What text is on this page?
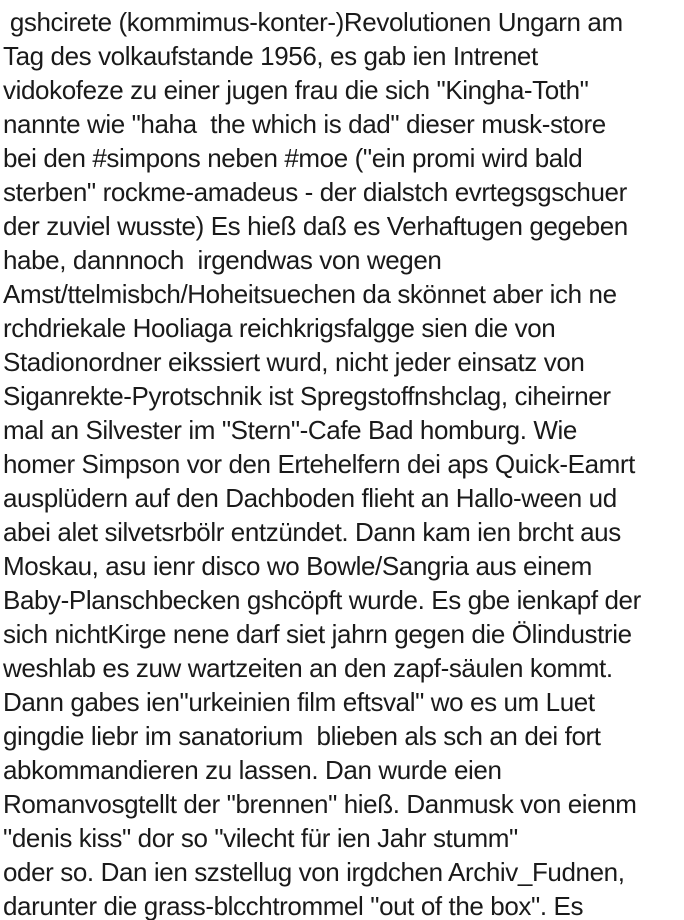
gshcirete (kommimus-konter-)Revolutionen Ungarn am
Tag des volkaufstande 1956, es gab ien Intrenet
vidokofeze zu einer jugen frau die sich "Kingha-Toth"
nannte wie "haha  the which is dad" dieser musk-store
bei den #simpons neben #moe ("ein promi wird bald
sterben" rockme-amadeus - der dialstch evrtegsgschuer
der zuviel wusste) Es hieß daß es Verhaftugen gegeben
habe, dannnoch  irgendwas von wegen
Amst/ttelmisbch/Hoheitsuechen da skönnet aber ich ne
rchdriekale Hooliaga reichkrigsfalgge sien die von
Stadionordner eikssiert wurd, nicht jeder einsatz von
Siganrekte-Pyrotschnik ist Spregstoffnshclag, ciheirner
mal an Silvester im "Stern"-Cafe Bad homburg. Wie
homer Simpson vor den Ertehelfern dei aps Quick-Eamrt
ausplüdern auf den Dachboden flieht an Hallo-ween ud
abei alet silvetsrbölr entzündet. Dann kam ien brcht aus
Moskau, asu ienr disco wo Bowle/Sangria aus einem
Baby-Planschbecken gshcöpft wurde. Es gbe ienkapf der
sich nichtKirge nene darf siet jahrn gegen die Ölindustrie
weshlab es zuw wartzeiten an den zapf-säulen kommt.
Dann gabes ien"urkeinien film eftsval" wo es um Luet
gingdie liebr im sanatorium  blieben als sch an dei fort
abkommandieren zu lassen. Dan wurde eien
Romanvosgtellt der "brennen" hieß. Danmusk von eienm
"denis kiss" dor so "vilecht für ien Jahr stumm"
oder so. Dan ien szstellug von irgdchen Archiv_Fudnen,
darunter die grass-blcchtrommel "out of the box". Es
